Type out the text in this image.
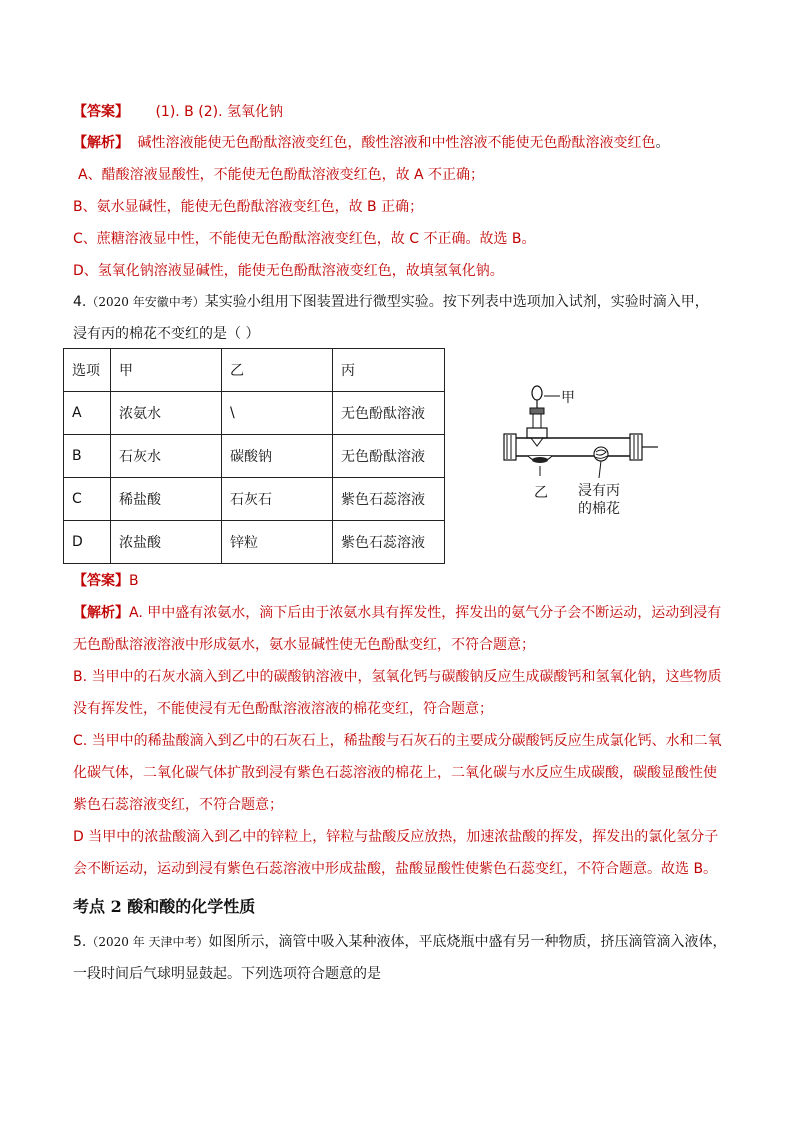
【答案】 (1). B (2). 氢氧化钠
【解析】 碱性溶液能使无色酚酞溶液变红色，酸性溶液和中性溶液不能使无色酚酞溶液变红色。
A、醋酸溶液显酸性，不能使无色酚酞溶液变红色，故 A 不正确；
B、氨水显碱性，能使无色酚酞溶液变红色，故 B 正确；
C、蔗糖溶液显中性，不能使无色酚酞溶液变红色，故 C 不正确。故选 B。
D、氢氧化钠溶液显碱性，能使无色酚酞溶液变红色，故填氢氧化钠。
4.（2020 年安徽中考）某实验小组用下图装置进行微型实验。按下列表中选项加入试剂，实验时滴入甲，
浸有丙的棉花不变红的是（ ）
选项	甲	乙	丙
A	浓氨水	\	无色酚酞溶液
B	石灰水	碳酸钠	无色酚酞溶液
C	稀盐酸	石灰石	紫色石蕊溶液
D	浓盐酸	锌粒	紫色石蕊溶液
甲
乙 浸有丙
的棉花
【答案】B
【解析】A. 甲中盛有浓氨水，滴下后由于浓氨水具有挥发性，挥发出的氨气分子会不断运动，运动到浸有
无色酚酞溶液溶液中形成氨水，氨水显碱性使无色酚酞变红，不符合题意；
B. 当甲中的石灰水滴入到乙中的碳酸钠溶液中，氢氧化钙与碳酸钠反应生成碳酸钙和氢氧化钠，这些物质
没有挥发性，不能使浸有无色酚酞溶液溶液的棉花变红，符合题意；
C. 当甲中的稀盐酸滴入到乙中的石灰石上，稀盐酸与石灰石的主要成分碳酸钙反应生成氯化钙、水和二氧
化碳气体，二氧化碳气体扩散到浸有紫色石蕊溶液的棉花上，二氧化碳与水反应生成碳酸，碳酸显酸性使
紫色石蕊溶液变红，不符合题意；
D 当甲中的浓盐酸滴入到乙中的锌粒上，锌粒与盐酸反应放热，加速浓盐酸的挥发，挥发出的氯化氢分子
会不断运动，运动到浸有紫色石蕊溶液中形成盐酸，盐酸显酸性使紫色石蕊变红，不符合题意。故选 B。
考点 2 酸和酸的化学性质
5.（2020 年 天津中考）如图所示，滴管中吸入某种液体，平底烧瓶中盛有另一种物质，挤压滴管滴入液体，
一段时间后气球明显鼓起。下列选项符合题意的是
